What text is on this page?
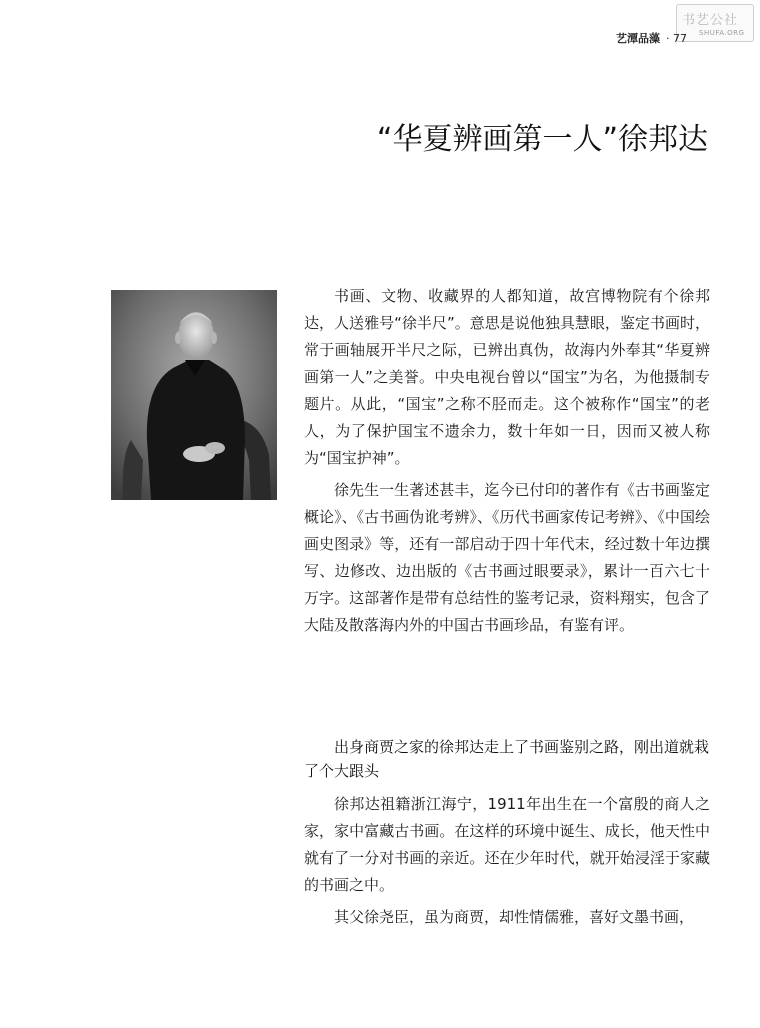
书艺公社
SHUFA.ORG
艺潭品藻 · 77
“华夏辨画第一人”徐邦达

书画、文物、收藏界的人都知道，故宫博物院有个徐邦达，人送雅号“徐半尺”。意思是说他独具慧眼，鉴定书画时，常于画轴展开半尺之际，已辨出真伪，故海内外奉其“华夏辨画第一人”之美誉。中央电视台曾以“国宝”为名，为他摄制专题片。从此，“国宝”之称不胫而走。这个被称作“国宝”的老人，为了保护国宝不遗余力，数十年如一日，因而又被人称为“国宝护神”。

徐先生一生著述甚丰，迄今已付印的著作有《古书画鉴定概论》、《古书画伪讹考辨》、《历代书画家传记考辨》、《中国绘画史图录》等，还有一部启动于四十年代末，经过数十年边撰写、边修改、边出版的《古书画过眼要录》，累计一百六七十万字。这部著作是带有总结性的鉴考记录，资料翔实，包含了大陆及散落海内外的中国古书画珍品，有鉴有评。

出身商贾之家的徐邦达走上了书画鉴别之路，刚出道就栽了个大跟头

徐邦达祖籍浙江海宁，1911年出生在一个富殷的商人之家，家中富藏古书画。在这样的环境中诞生、成长，他天性中就有了一分对书画的亲近。还在少年时代，就开始浸淫于家藏的书画之中。

其父徐尧臣，虽为商贾，却性情儒雅，喜好文墨书画，
